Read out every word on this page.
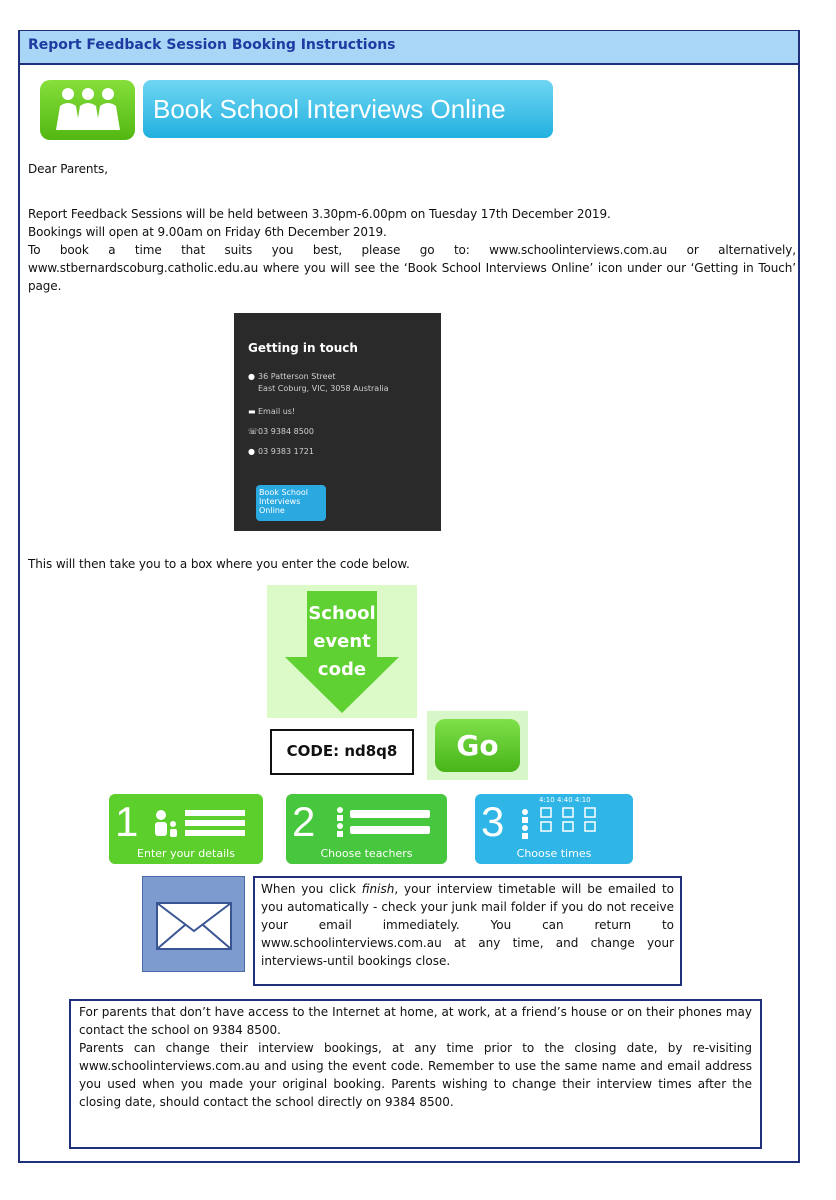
Report Feedback Session Booking Instructions
Book School Interviews Online
Dear Parents,
Report Feedback Sessions will be held between 3.30pm-6.00pm on Tuesday 17th December 2019.
Bookings will open at 9.00am on Friday 6th December 2019.
To book a time that suits you best, please go to: www.schoolinterviews.com.au or alternatively, www.stbernardscoburg.catholic.edu.au where you will see the ‘Book School Interviews Online’ icon under our ‘Getting in Touch’ page.
Getting in touch
● 36 Patterson Street
East Coburg, VIC, 3058 Australia
▬ Email us!
☏03 9384 8500
● 03 9383 1721
Book School Interviews Online
This will then take you to a box where you enter the code below.
School
event
code
CODE: nd8q8	Go
1
Enter your details
2
Choose teachers
3	4:10 4:40 4:10
Choose times
When you click finish, your interview timetable will be emailed to you automatically - check your junk mail folder if you do not receive your email immediately. You can return to www.schoolinterviews.com.au at any time, and change your interviews-until bookings close.
For parents that don’t have access to the Internet at home, at work, at a friend’s house or on their phones may contact the school on 9384 8500.
Parents can change their interview bookings, at any time prior to the closing date, by re-visiting www.schoolinterviews.com.au and using the event code. Remember to use the same name and email address you used when you made your original booking. Parents wishing to change their interview times after the closing date, should contact the school directly on 9384 8500.
